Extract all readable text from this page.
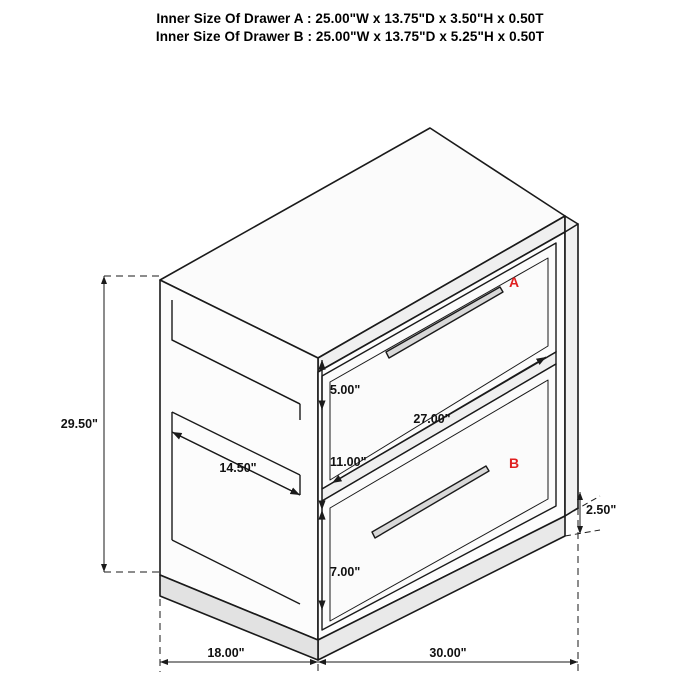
Inner Size Of Drawer A : 25.00"W x 13.75"D x 3.50"H x 0.50T
Inner Size Of Drawer B : 25.00"W x 13.75"D x 5.25"H x 0.50T
A
B
29.50"
18.00"	30.00"
2.50"
27.00"
14.50"
5.00"
11.00"
7.00"
